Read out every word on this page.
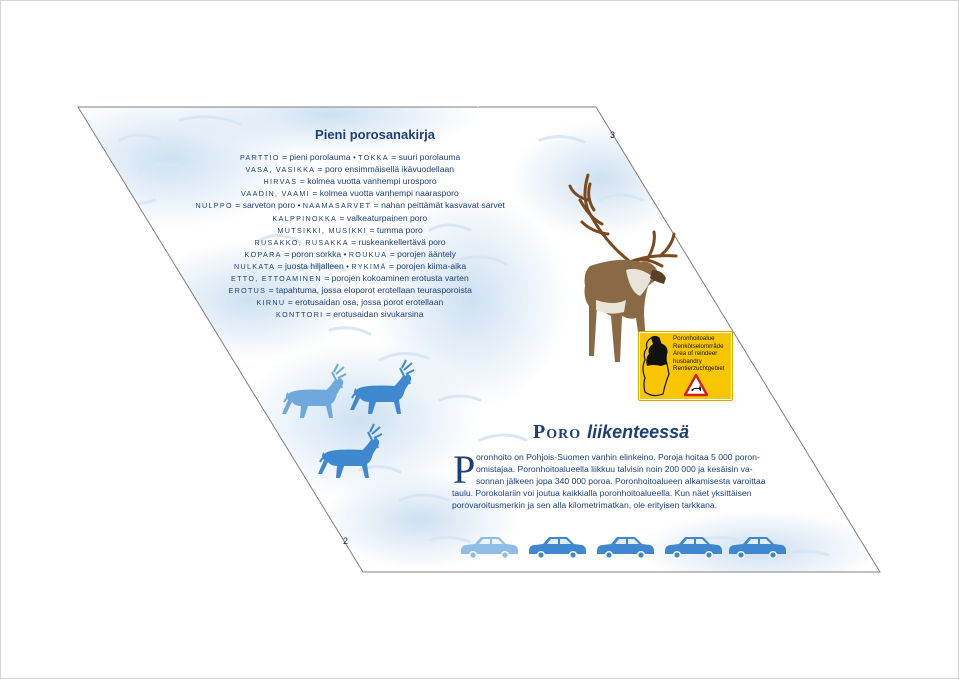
Pieni porosanakirja
PARTTIO = pieni porolauma • TOKKA = suuri porolauma
VASA, VASIKKA = poro ensimmäisellä ikävuodellaan
HIRVAS = kolmea vuotta vanhempi urosporo
VAADIN, VAAMI = kolmea vuotta vanhempi naarasporo
NULPPO = sarveton poro • NAAMASARVET = nahan peittämät kasvavat sarvet
KALPPINOKKA = valkeaturpainen poro
MUTSIKKI, MUSIKKI = tumma poro
RUSAKKO, RUSAKKA = ruskeankellertävä poro
KOPARA = poron sorkka • ROUKUA = porojen ääntely
NULKATA = juosta hiljalleen • RYKIMÄ = porojen kiima-aika
ETTO, ETTOAMINEN = porojen kokoaminen erotusta varten
EROTUS = tapahtuma, jossa eloporot erotellaan teurasporoista
KIRNU = erotusaidan osa, jossa porot erotellaan
KONTTORI = erotusaidan sivukarsina
2
3
Poronhoitoalue
Renkötselomrråde
Area of reindeer
husbandry
Rentierzuchtgebiet
Poro liikenteessä
P oronhoito on Pohjois-Suomen vanhin elinkeino. Poroja hoitaa 5 000 poron-
omistajaa. Poronhoitoalueella liikkuu talvisin noin 200 000 ja kesäisin va-
sonnan jälkeen jopa 340 000 poroa. Poronhoitoalueen alkamisesta varoittaa
taulu. Porokolariin voi joutua kaikkialla poronhoitoalueella. Kun näet yksittäisen
porovaroitusmerkin ja sen alla kilometrimatkan, ole erityisen tarkkana.
